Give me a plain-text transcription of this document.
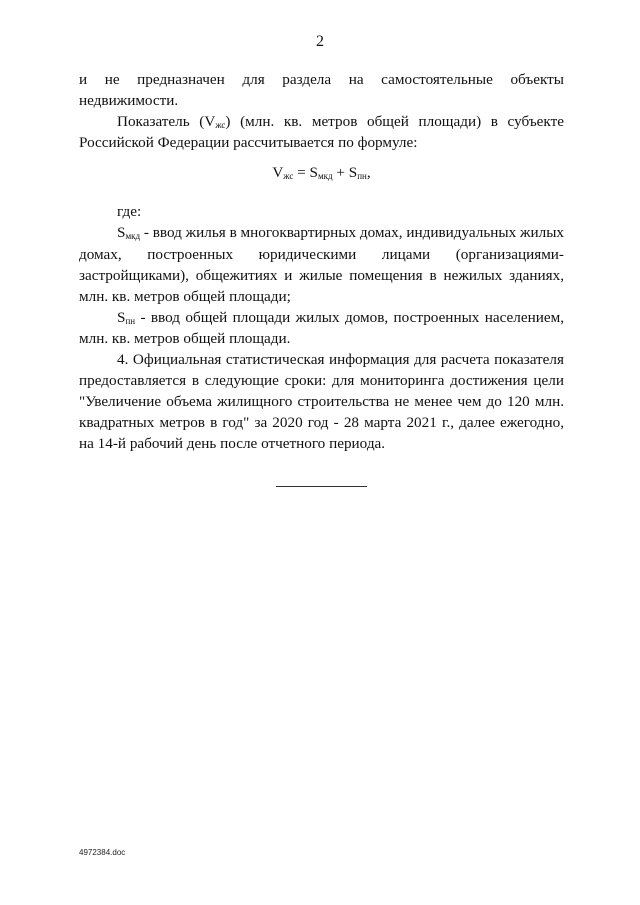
2

и не предназначен для раздела на самостоятельные объекты недвижимости.

Показатель $(V_{жс})$ (млн. кв. метров общей площади) в субъекте Российской Федерации рассчитывается по формуле:

$V_{жс} = S_{мкд} + S_{пн}$,

где:

$S_{мкд}$ - ввод жилья в многоквартирных домах, индивидуальных жилых домах, построенных юридическими лицами (организациями-застройщиками), общежитиях и жилые помещения в нежилых зданиях, млн. кв. метров общей площади;

$S_{пн}$ - ввод общей площади жилых домов, построенных населением, млн. кв. метров общей площади.

4. Официальная статистическая информация для расчета показателя предоставляется в следующие сроки: для мониторинга достижения цели "Увеличение объема жилищного строительства не менее чем до 120 млн. квадратных метров в год" за 2020 год - 28 марта 2021 г., далее ежегодно, на 14-й рабочий день после отчетного периода.

4972384.doc
